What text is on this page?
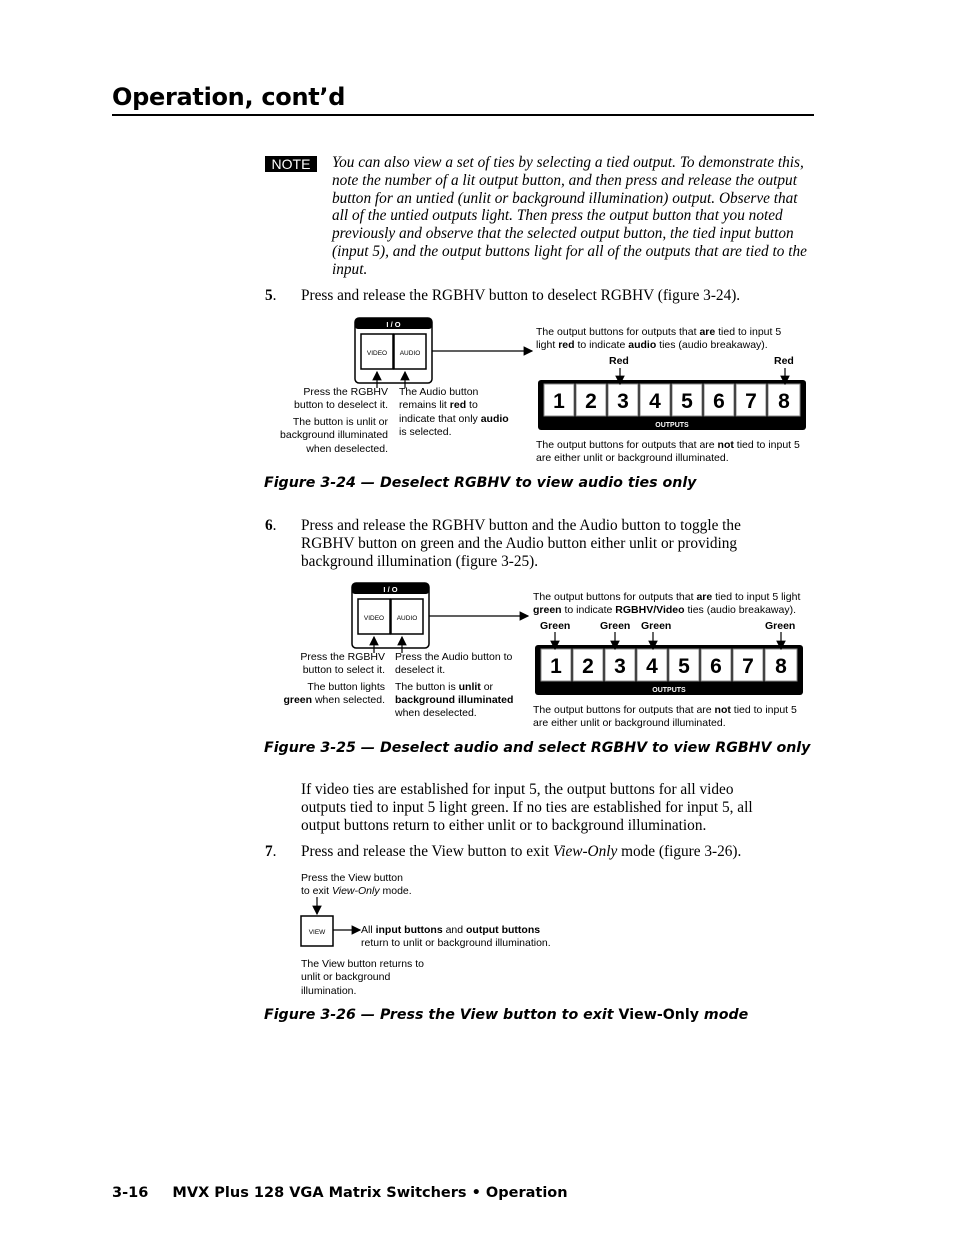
Operation, cont’d
NOTE	You can also view a set of ties by selecting a tied output. To demonstrate this,
note the number of a lit output button, and then press and release the output
button for an untied (unlit or background illumination) output. Observe that
all of the untied outputs light. Then press the output button that you noted
previously and observe that the selected output button, the tied input button
(input 5), and the output buttons light for all of the outputs that are tied to the
input.
5. Press and release the RGBHV button to deselect RGBHV (figure 3-24).
I / O
VIDEO AUDIO
1 2 3 4 5 6 7 8
OUTPUTS
The output buttons for outputs that are tied to input 5
light red to indicate audio ties (audio breakaway).
Red	Red
Press the RGBHV
button to deselect it.
The button is unlit or
background illuminated
when deselected.
The Audio button
remains lit red to
indicate that only audio
is selected.
The output buttons for outputs that are not tied to input 5
are either unlit or background illuminated.
Figure 3-24 — Deselect RGBHV to view audio ties only
6. Press and release the RGBHV button and the Audio button to toggle the
RGBHV button on green and the Audio button either unlit or providing
background illumination (figure 3-25).
I / O
VIDEO AUDIO
1 2 3 4 5 6 7 8
OUTPUTS
The output buttons for outputs that are tied to input 5 light
green to indicate RGBHV/Video ties (audio breakaway).
Green	Green Green	Green
Press the RGBHV
button to select it.
The button lights
green when selected.
Press the Audio button to
deselect it.
The button is unlit or
background illuminated
when deselected.	The output buttons for outputs that are not tied to input 5
are either unlit or background illuminated.
Figure 3-25 — Deselect audio and select RGBHV to view RGBHV only
If video ties are established for input 5, the output buttons for all video
outputs tied to input 5 light green. If no ties are established for input 5, all
output buttons return to either unlit or to background illumination.
7. Press and release the View button to exit View-Only mode (figure 3-26).
Press the View button
to exit View-Only mode.
VIEW	All input buttons and output buttons
return to unlit or background illumination.
The View button returns to
unlit or background
illumination.
Figure 3-26 — Press the View button to exit View-Only mode
3-16 MVX Plus 128 VGA Matrix Switchers • Operation
